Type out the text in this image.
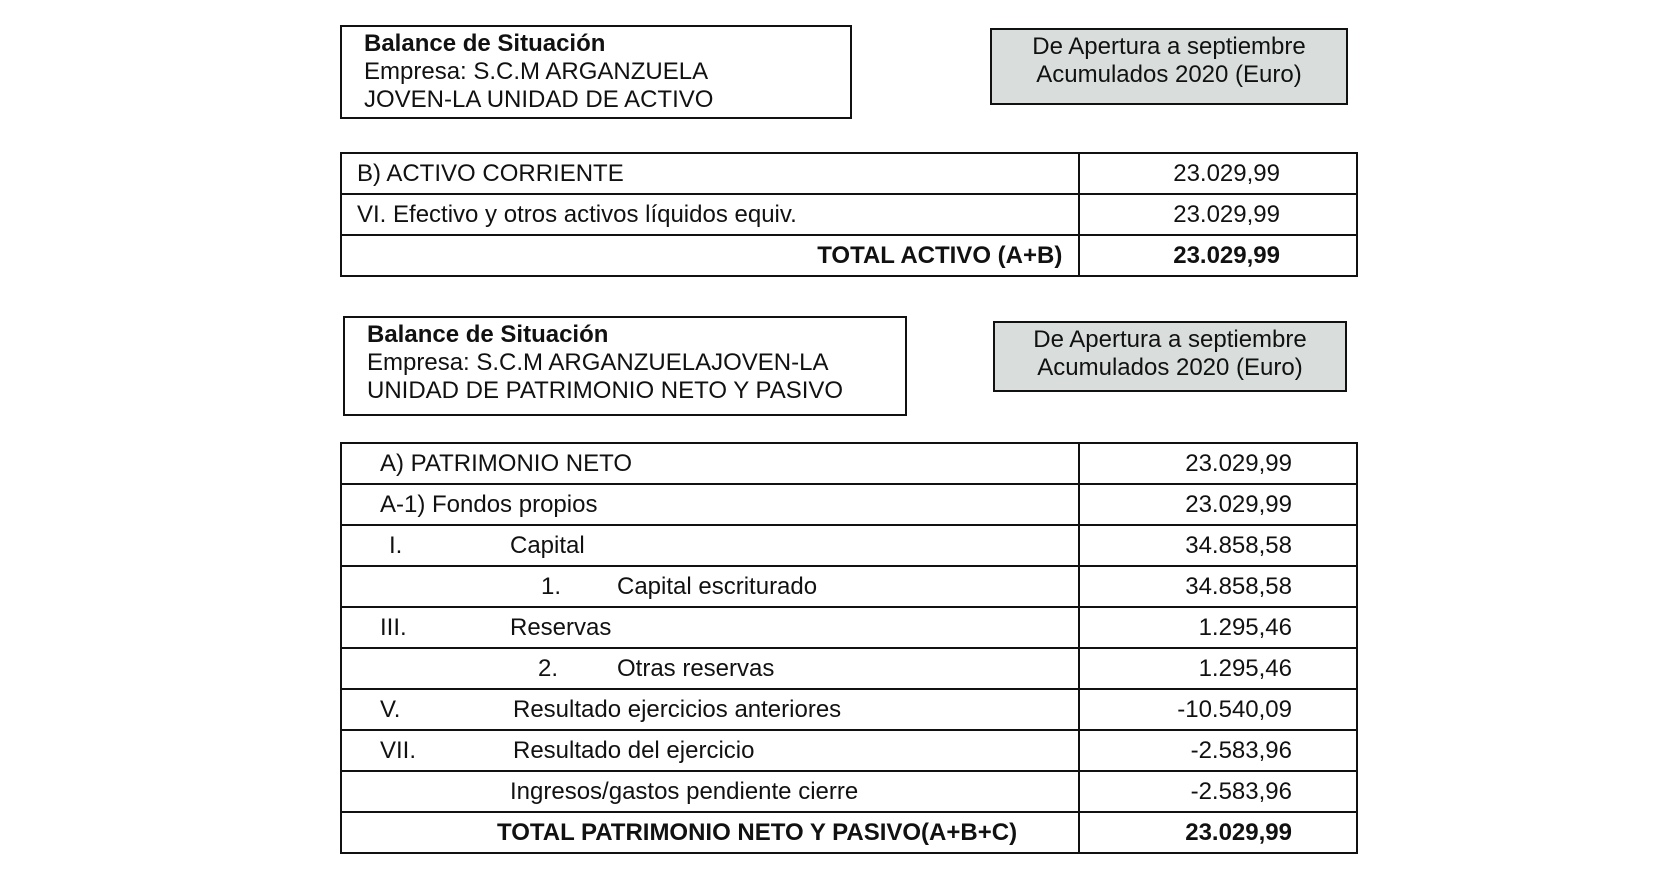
Balance de Situación
Empresa: S.C.M ARGANZUELA
JOVEN-LA UNIDAD DE ACTIVO
De Apertura a septiembre
Acumulados 2020 (Euro)
B) ACTIVO CORRIENTE	23.029,99

VI. Efectivo y otros activos líquidos equiv.	23.029,99
TOTAL ACTIVO (A+B)	23.029,99
Balance de Situación
Empresa: S.C.M ARGANZUELAJOVEN-LA
UNIDAD DE PATRIMONIO NETO Y PASIVO
De Apertura a septiembre
Acumulados 2020 (Euro)
A) PATRIMONIO NETO	23.029,99

A-1) Fondos propios	23.029,99

I. Capital	34.858,58

1. Capital escriturado	34.858,58

III. Reservas	1.295,46

2. Otras reservas	1.295,46

V. Resultado ejercicios anteriores	-10.540,09

VII. Resultado del ejercicio	-2.583,96

Ingresos/gastos pendiente cierre	-2.583,96

TOTAL PATRIMONIO NETO Y PASIVO(A+B+C)	23.029,99
